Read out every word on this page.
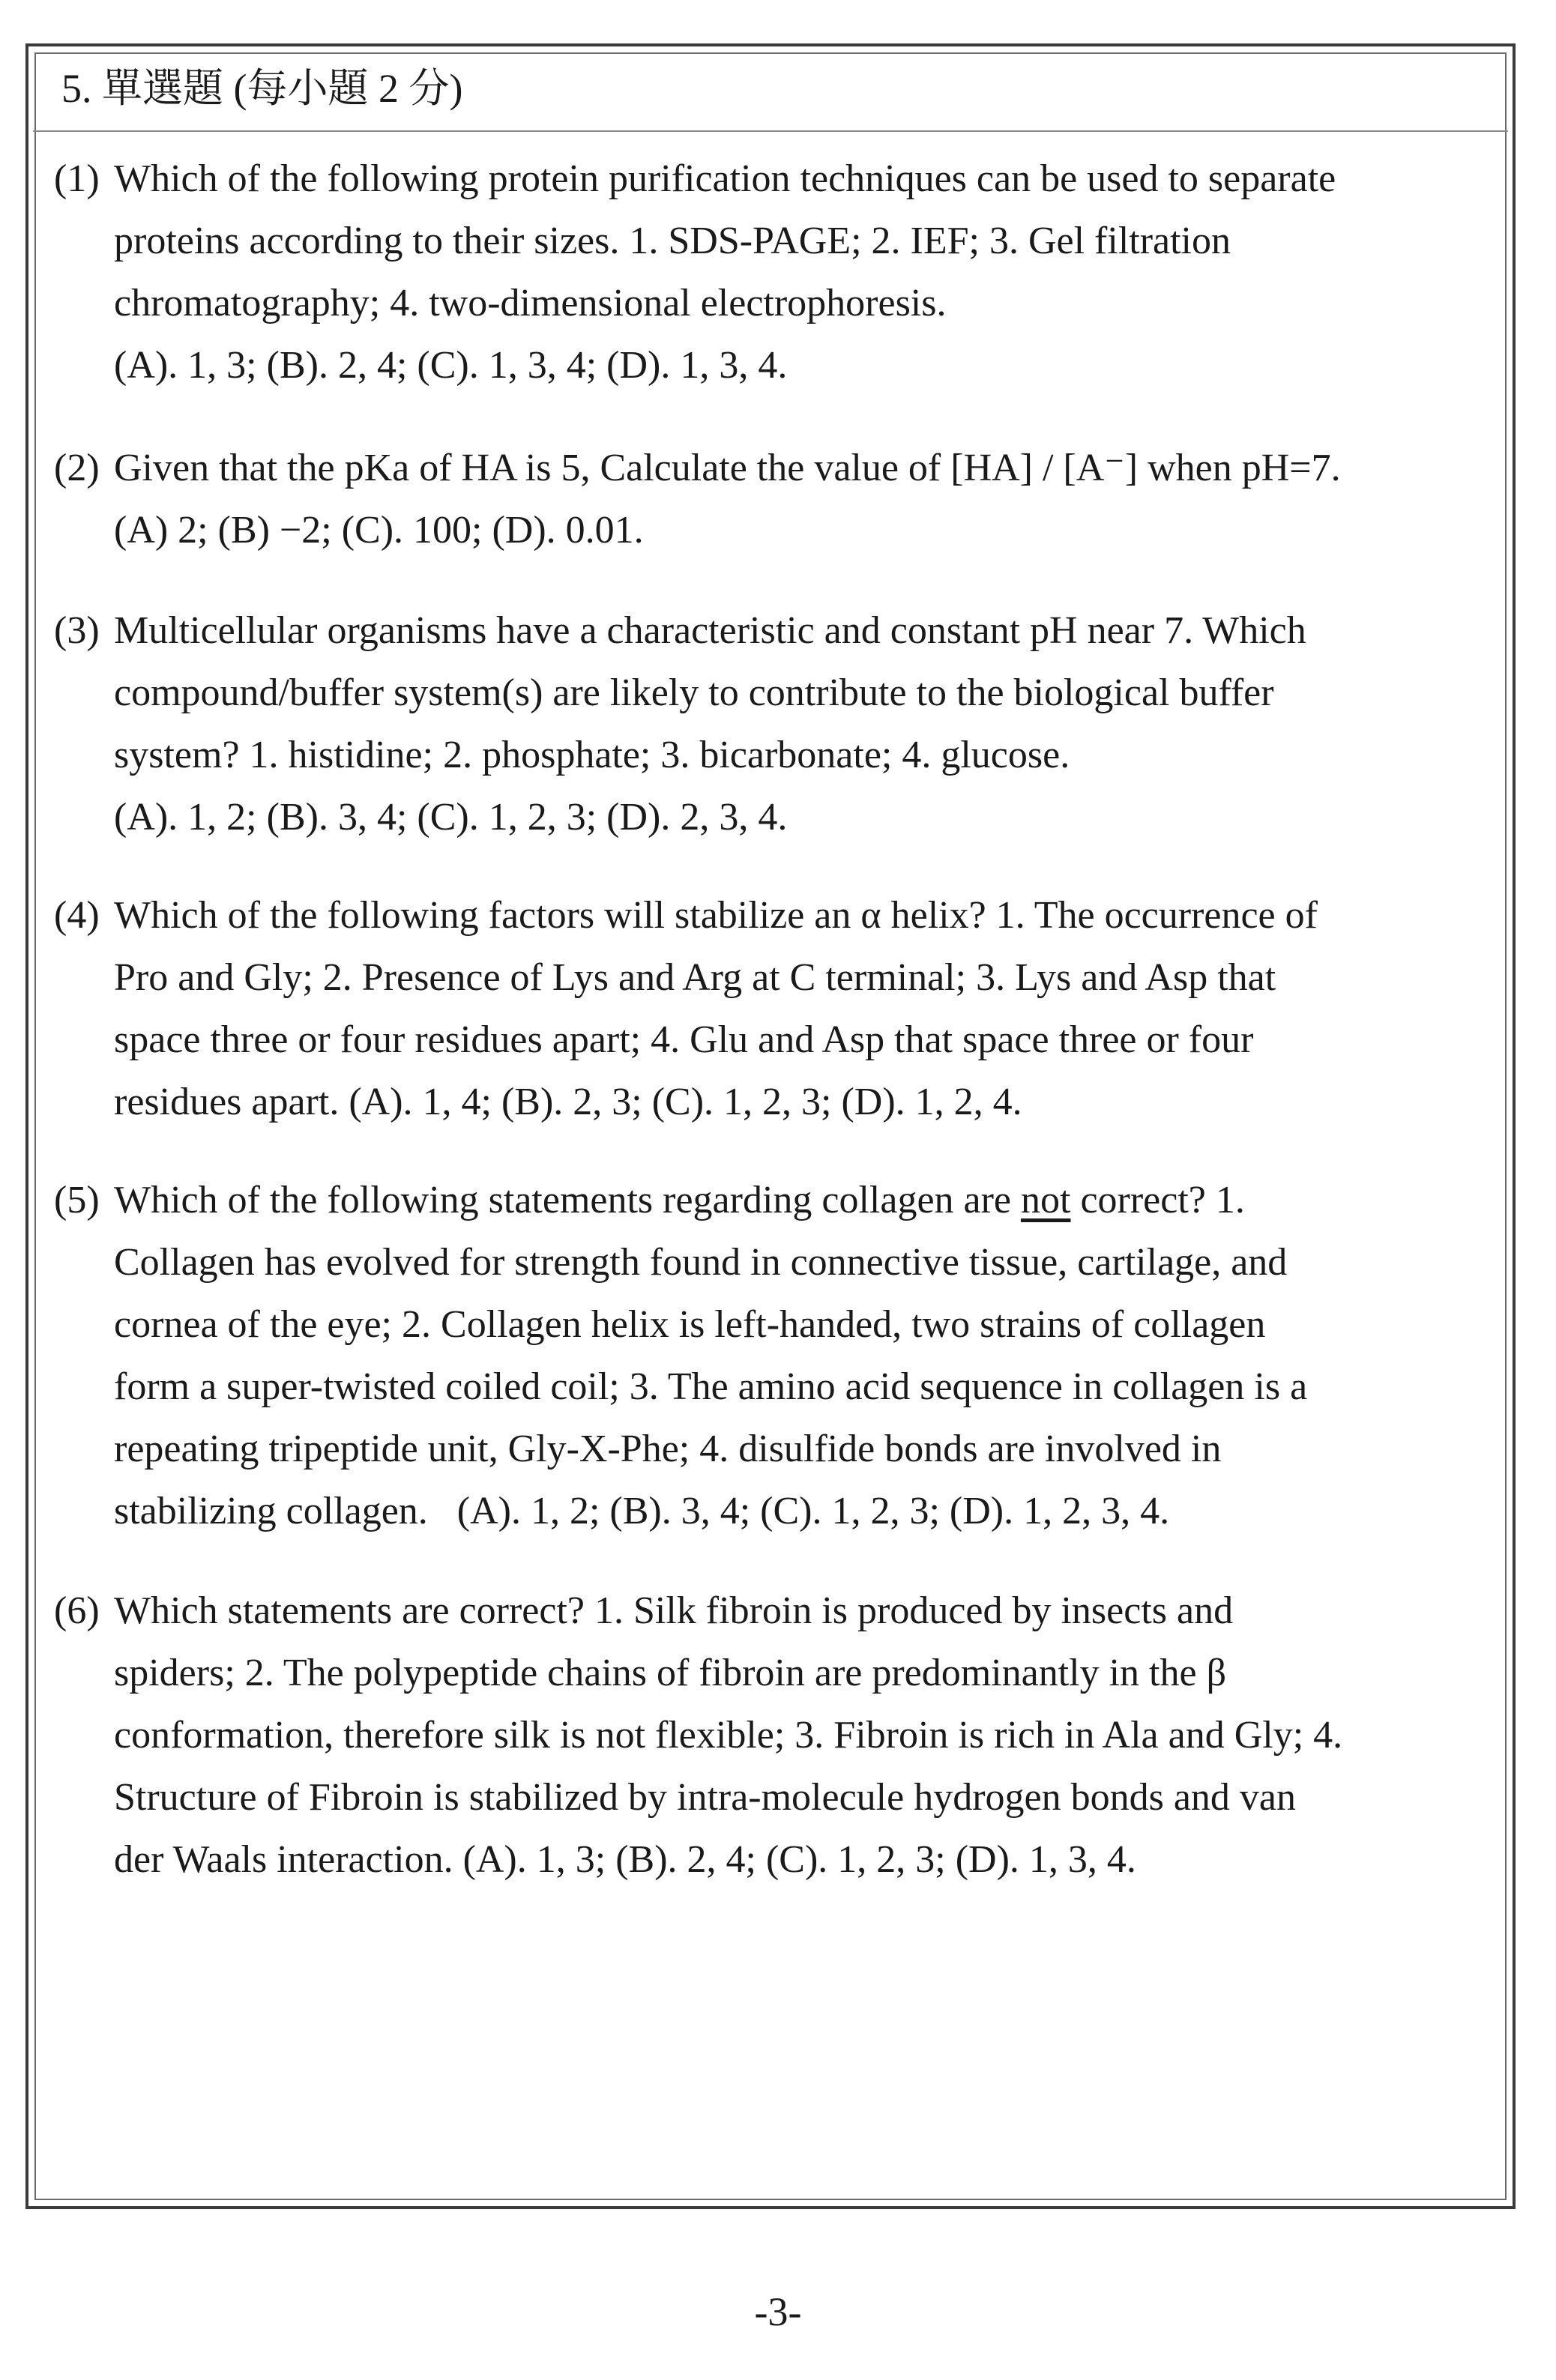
5. 單選題 (每小題 2 分)
(1) Which of the following protein purification techniques can be used to separate
proteins according to their sizes. 1. SDS-PAGE; 2. IEF; 3. Gel filtration
chromatography; 4. two-dimensional electrophoresis.
(A). 1, 3; (B). 2, 4; (C). 1, 3, 4; (D). 1, 3, 4.
(2) Given that the pKa of HA is 5, Calculate the value of [HA] / [A⁻] when pH=7.
(A) 2; (B) −2; (C). 100; (D). 0.01.
(3) Multicellular organisms have a characteristic and constant pH near 7. Which
compound/buffer system(s) are likely to contribute to the biological buffer
system? 1. histidine; 2. phosphate; 3. bicarbonate; 4. glucose.
(A). 1, 2; (B). 3, 4; (C). 1, 2, 3; (D). 2, 3, 4.
(4) Which of the following factors will stabilize an α helix? 1. The occurrence of
Pro and Gly; 2. Presence of Lys and Arg at C terminal; 3. Lys and Asp that
space three or four residues apart; 4. Glu and Asp that space three or four
residues apart. (A). 1, 4; (B). 2, 3; (C). 1, 2, 3; (D). 1, 2, 4.
(5) Which of the following statements regarding collagen are not correct? 1.
Collagen has evolved for strength found in connective tissue, cartilage, and
cornea of the eye; 2. Collagen helix is left-handed, two strains of collagen
form a super-twisted coiled coil; 3. The amino acid sequence in collagen is a
repeating tripeptide unit, Gly-X-Phe; 4. disulfide bonds are involved in
stabilizing collagen.   (A). 1, 2; (B). 3, 4; (C). 1, 2, 3; (D). 1, 2, 3, 4.
(6) Which statements are correct? 1. Silk fibroin is produced by insects and
spiders; 2. The polypeptide chains of fibroin are predominantly in the β
conformation, therefore silk is not flexible; 3. Fibroin is rich in Ala and Gly; 4.
Structure of Fibroin is stabilized by intra-molecule hydrogen bonds and van
der Waals interaction. (A). 1, 3; (B). 2, 4; (C). 1, 2, 3; (D). 1, 3, 4.
-3-
